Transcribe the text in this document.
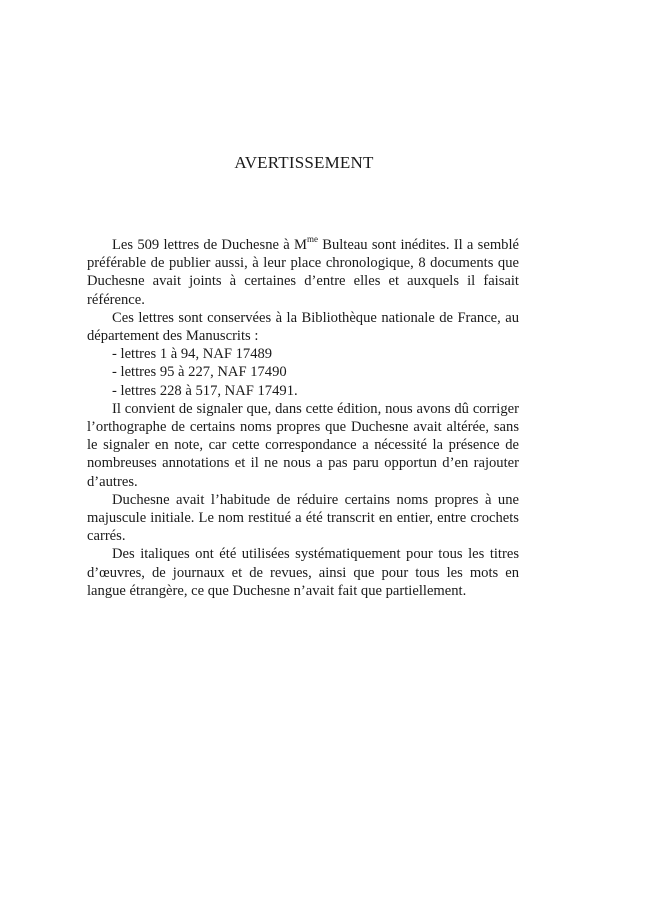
AVERTISSEMENT

Les 509 lettres de Duchesne à $M^{me}$ Bulteau sont inédites. Il a semblé préférable de publier aussi, à leur place chronologique, 8 documents que Duchesne avait joints à certaines d’entre elles et auxquels il faisait référence.

Ces lettres sont conservées à la Bibliothèque nationale de France, au département des Manuscrits :

- lettres 1 à 94, NAF 17489
- lettres 95 à 227, NAF 17490
- lettres 228 à 517, NAF 17491.

Il convient de signaler que, dans cette édition, nous avons dû corriger l’orthographe de certains noms propres que Duchesne avait altérée, sans le signaler en note, car cette correspondance a nécessité la présence de nombreuses annotations et il ne nous a pas paru opportun d’en rajouter d’autres.

Duchesne avait l’habitude de réduire certains noms propres à une majuscule initiale. Le nom restitué a été transcrit en entier, entre crochets carrés.

Des italiques ont été utilisées systématiquement pour tous les titres d’œuvres, de journaux et de revues, ainsi que pour tous les mots en langue étrangère, ce que Duchesne n’avait fait que partiellement.
